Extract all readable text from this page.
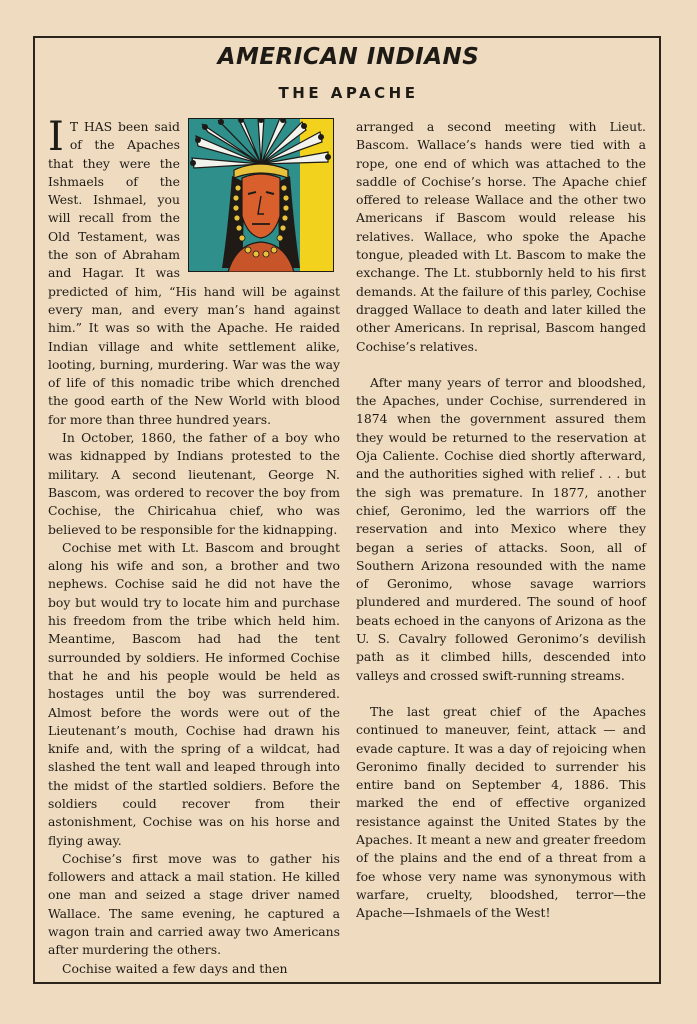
AMERICAN INDIANS
THE APACHE

I T HAS been said of the Apaches that they were the Ishmaels of the West. Ishmael, you will recall from the Old Testament, was the son of Abraham and Hagar. It was predicted of him, “His hand will be against every man, and every man’s hand against him.” It was so with the Apache. He raided Indian village and white settlement alike, looting, burning, murdering. War was the way of life of this nomadic tribe which drenched the good earth of the New World with blood for more than three hundred years.

In October, 1860, the father of a boy who was kidnapped by Indians protested to the military. A second lieutenant, George N. Bascom, was ordered to recover the boy from Cochise, the Chiricahua chief, who was believed to be responsible for the kidnapping.

Cochise met with Lt. Bascom and brought along his wife and son, a brother and two nephews. Cochise said he did not have the boy but would try to locate him and purchase his freedom from the tribe which held him. Meantime, Bascom had had the tent surrounded by soldiers. He informed Cochise that he and his people would be held as hostages until the boy was surrendered. Almost before the words were out of the Lieutenant’s mouth, Cochise had drawn his knife and, with the spring of a wildcat, had slashed the tent wall and leaped through into the midst of the startled soldiers. Before the soldiers could recover from their astonishment, Cochise was on his horse and flying away.

Cochise’s first move was to gather his followers and attack a mail station. He killed one man and seized a stage driver named Wallace. The same evening, he captured a wagon train and carried away two Americans after murdering the others.

Cochise waited a few days and then

arranged a second meeting with Lieut. Bascom. Wallace’s hands were tied with a rope, one end of which was attached to the saddle of Cochise’s horse. The Apache chief offered to release Wallace and the other two Americans if Bascom would release his relatives. Wallace, who spoke the Apache tongue, pleaded with Lt. Bascom to make the exchange. The Lt. stubbornly held to his first demands. At the failure of this parley, Cochise dragged Wallace to death and later killed the other Americans. In reprisal, Bascom hanged Cochise’s relatives.

After many years of terror and bloodshed, the Apaches, under Cochise, surrendered in 1874 when the government assured them they would be returned to the reservation at Oja Caliente. Cochise died shortly afterward, and the authorities sighed with relief . . . but the sigh was premature. In 1877, another chief, Geronimo, led the warriors off the reservation and into Mexico where they began a series of attacks. Soon, all of Southern Arizona resounded with the name of Geronimo, whose savage warriors plundered and murdered. The sound of hoof beats echoed in the canyons of Arizona as the U. S. Cavalry followed Geronimo’s devilish path as it climbed hills, descended into valleys and crossed swift-running streams.

The last great chief of the Apaches continued to maneuver, feint, attack — and evade capture. It was a day of rejoicing when Geronimo finally decided to surrender his entire band on September 4, 1886. This marked the end of effective organized resistance against the United States by the Apaches. It meant a new and greater freedom of the plains and the end of a threat from a foe whose very name was synonymous with warfare, cruelty, bloodshed, terror—the Apache—Ishmaels of the West!
